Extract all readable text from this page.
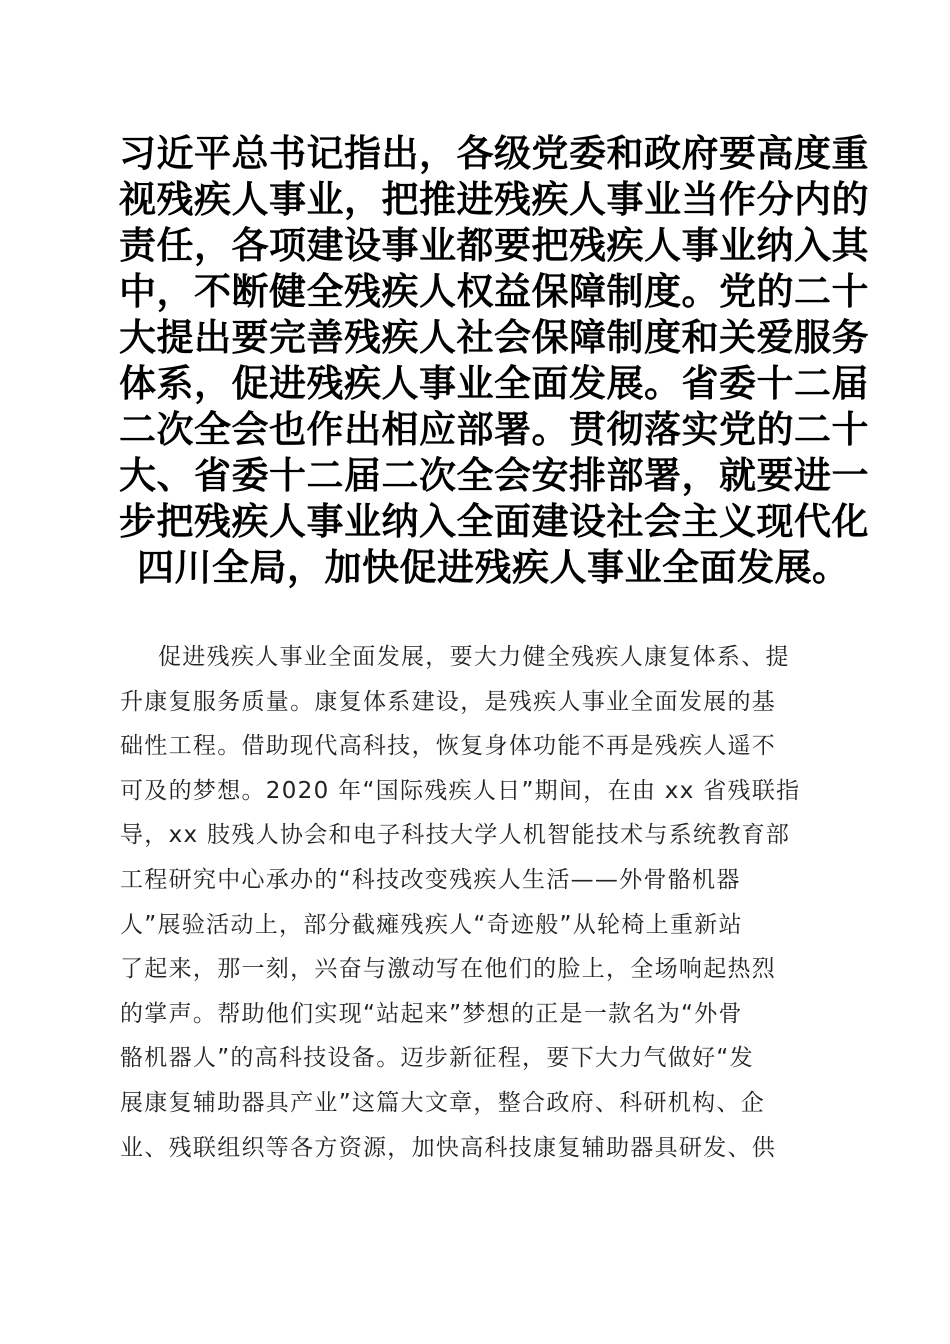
习近平总书记指出，各级党委和政府要高度重
视残疾人事业，把推进残疾人事业当作分内的
责任，各项建设事业都要把残疾人事业纳入其
中，不断健全残疾人权益保障制度。党的二十
大提出要完善残疾人社会保障制度和关爱服务
体系，促进残疾人事业全面发展。省委十二届
二次全会也作出相应部署。贯彻落实党的二十
大、省委十二届二次全会安排部署，就要进一
步把残疾人事业纳入全面建设社会主义现代化
四川全局，加快促进残疾人事业全面发展。
促进残疾人事业全面发展，要大力健全残疾人康复体系、提
升康复服务质量。康复体系建设，是残疾人事业全面发展的基
础性工程。借助现代高科技，恢复身体功能不再是残疾人遥不
可及的梦想。2020 年“国际残疾人日”期间，在由 xx 省残联指
导，xx 肢残人协会和电子科技大学人机智能技术与系统教育部
工程研究中心承办的“科技改变残疾人生活——外骨骼机器
人”展验活动上，部分截瘫残疾人“奇迹般”从轮椅上重新站
了起来，那一刻，兴奋与激动写在他们的脸上，全场响起热烈
的掌声。帮助他们实现“站起来”梦想的正是一款名为“外骨
骼机器人”的高科技设备。迈步新征程，要下大力气做好“发
展康复辅助器具产业”这篇大文章，整合政府、科研机构、企
业、残联组织等各方资源，加快高科技康复辅助器具研发、供
